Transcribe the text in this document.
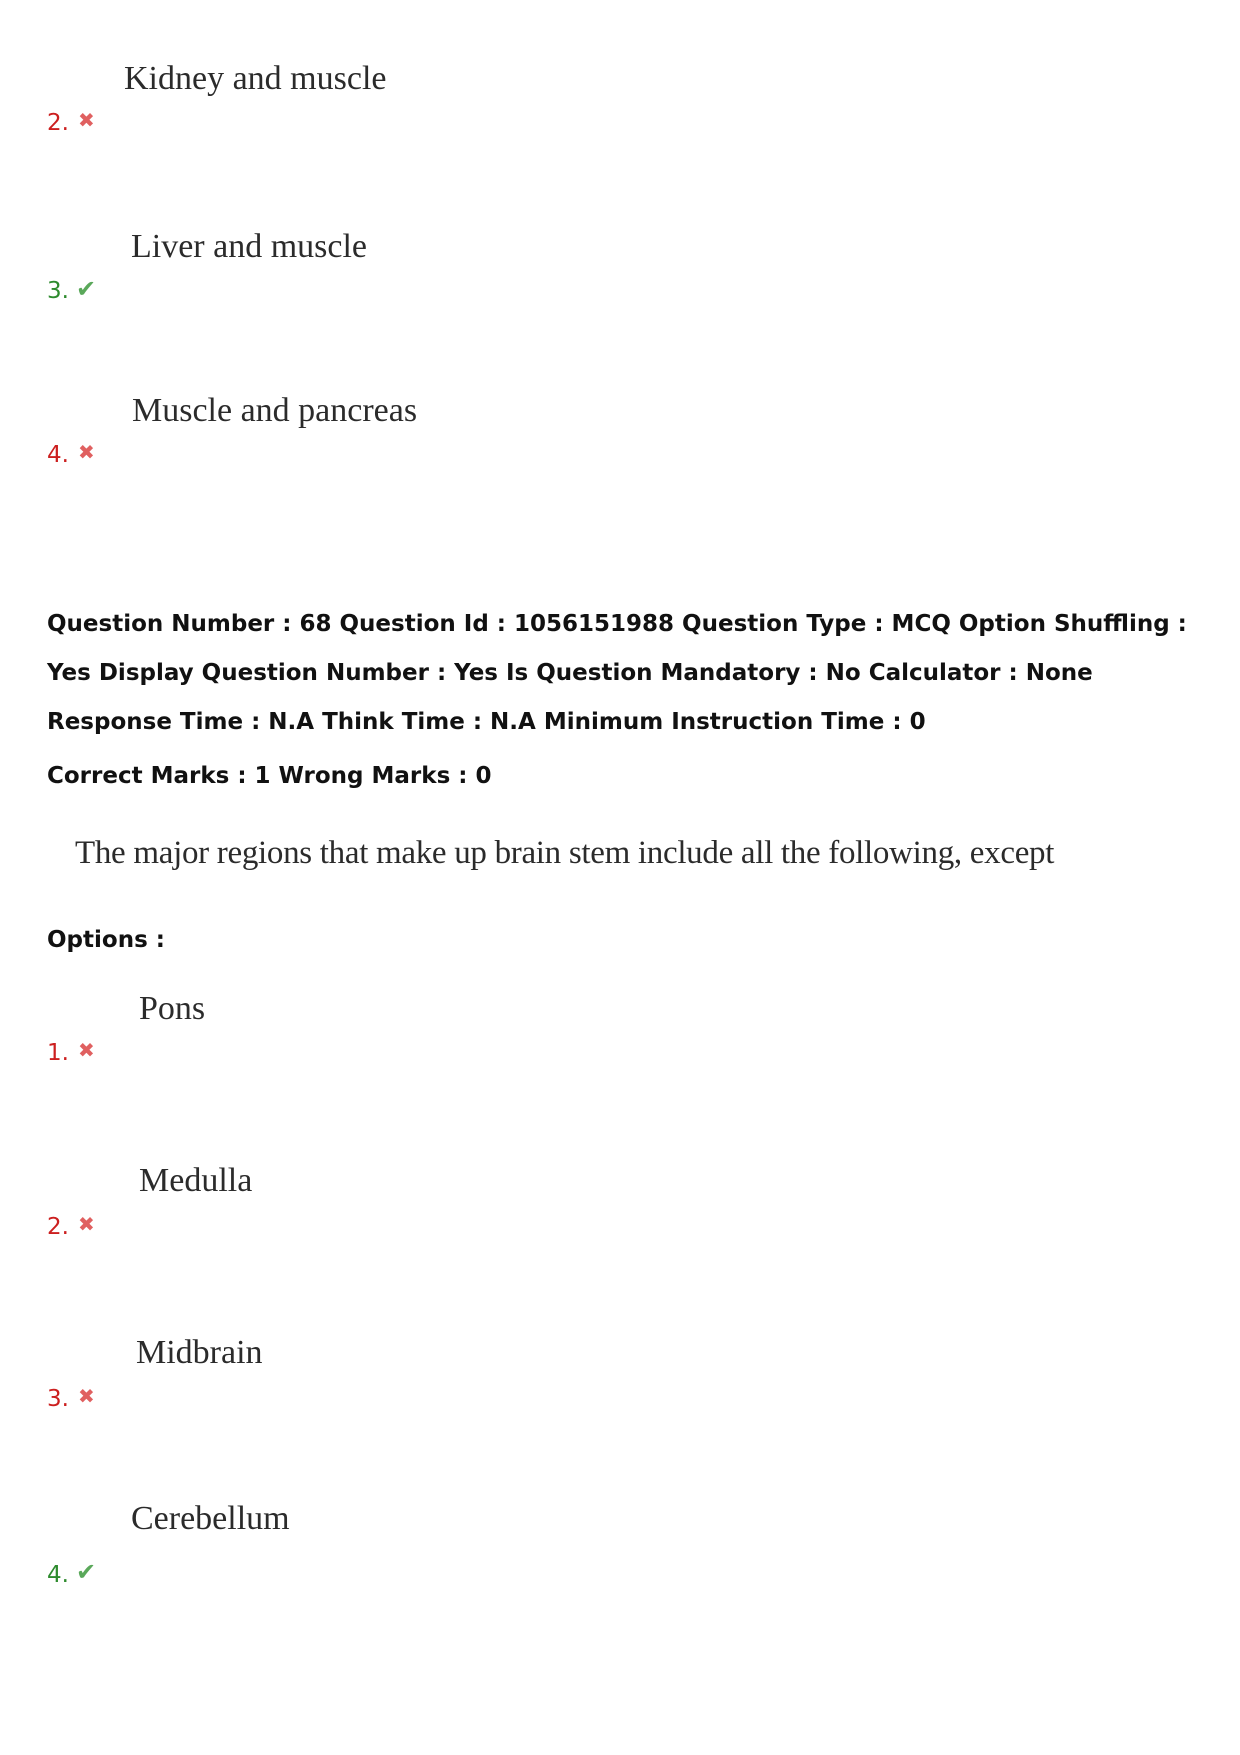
Kidney and muscle
2. ✖
Liver and muscle
3. ✔
Muscle and pancreas
4. ✖
Question Number : 68 Question Id : 1056151988 Question Type : MCQ Option Shuffling : Yes Display Question Number : Yes Is Question Mandatory : No Calculator : None Response Time : N.A Think Time : N.A Minimum Instruction Time : 0
Correct Marks : 1 Wrong Marks : 0
The major regions that make up brain stem include all the following, except
Options :
Pons
1. ✖
Medulla
2. ✖
Midbrain
3. ✖
Cerebellum
4. ✔
